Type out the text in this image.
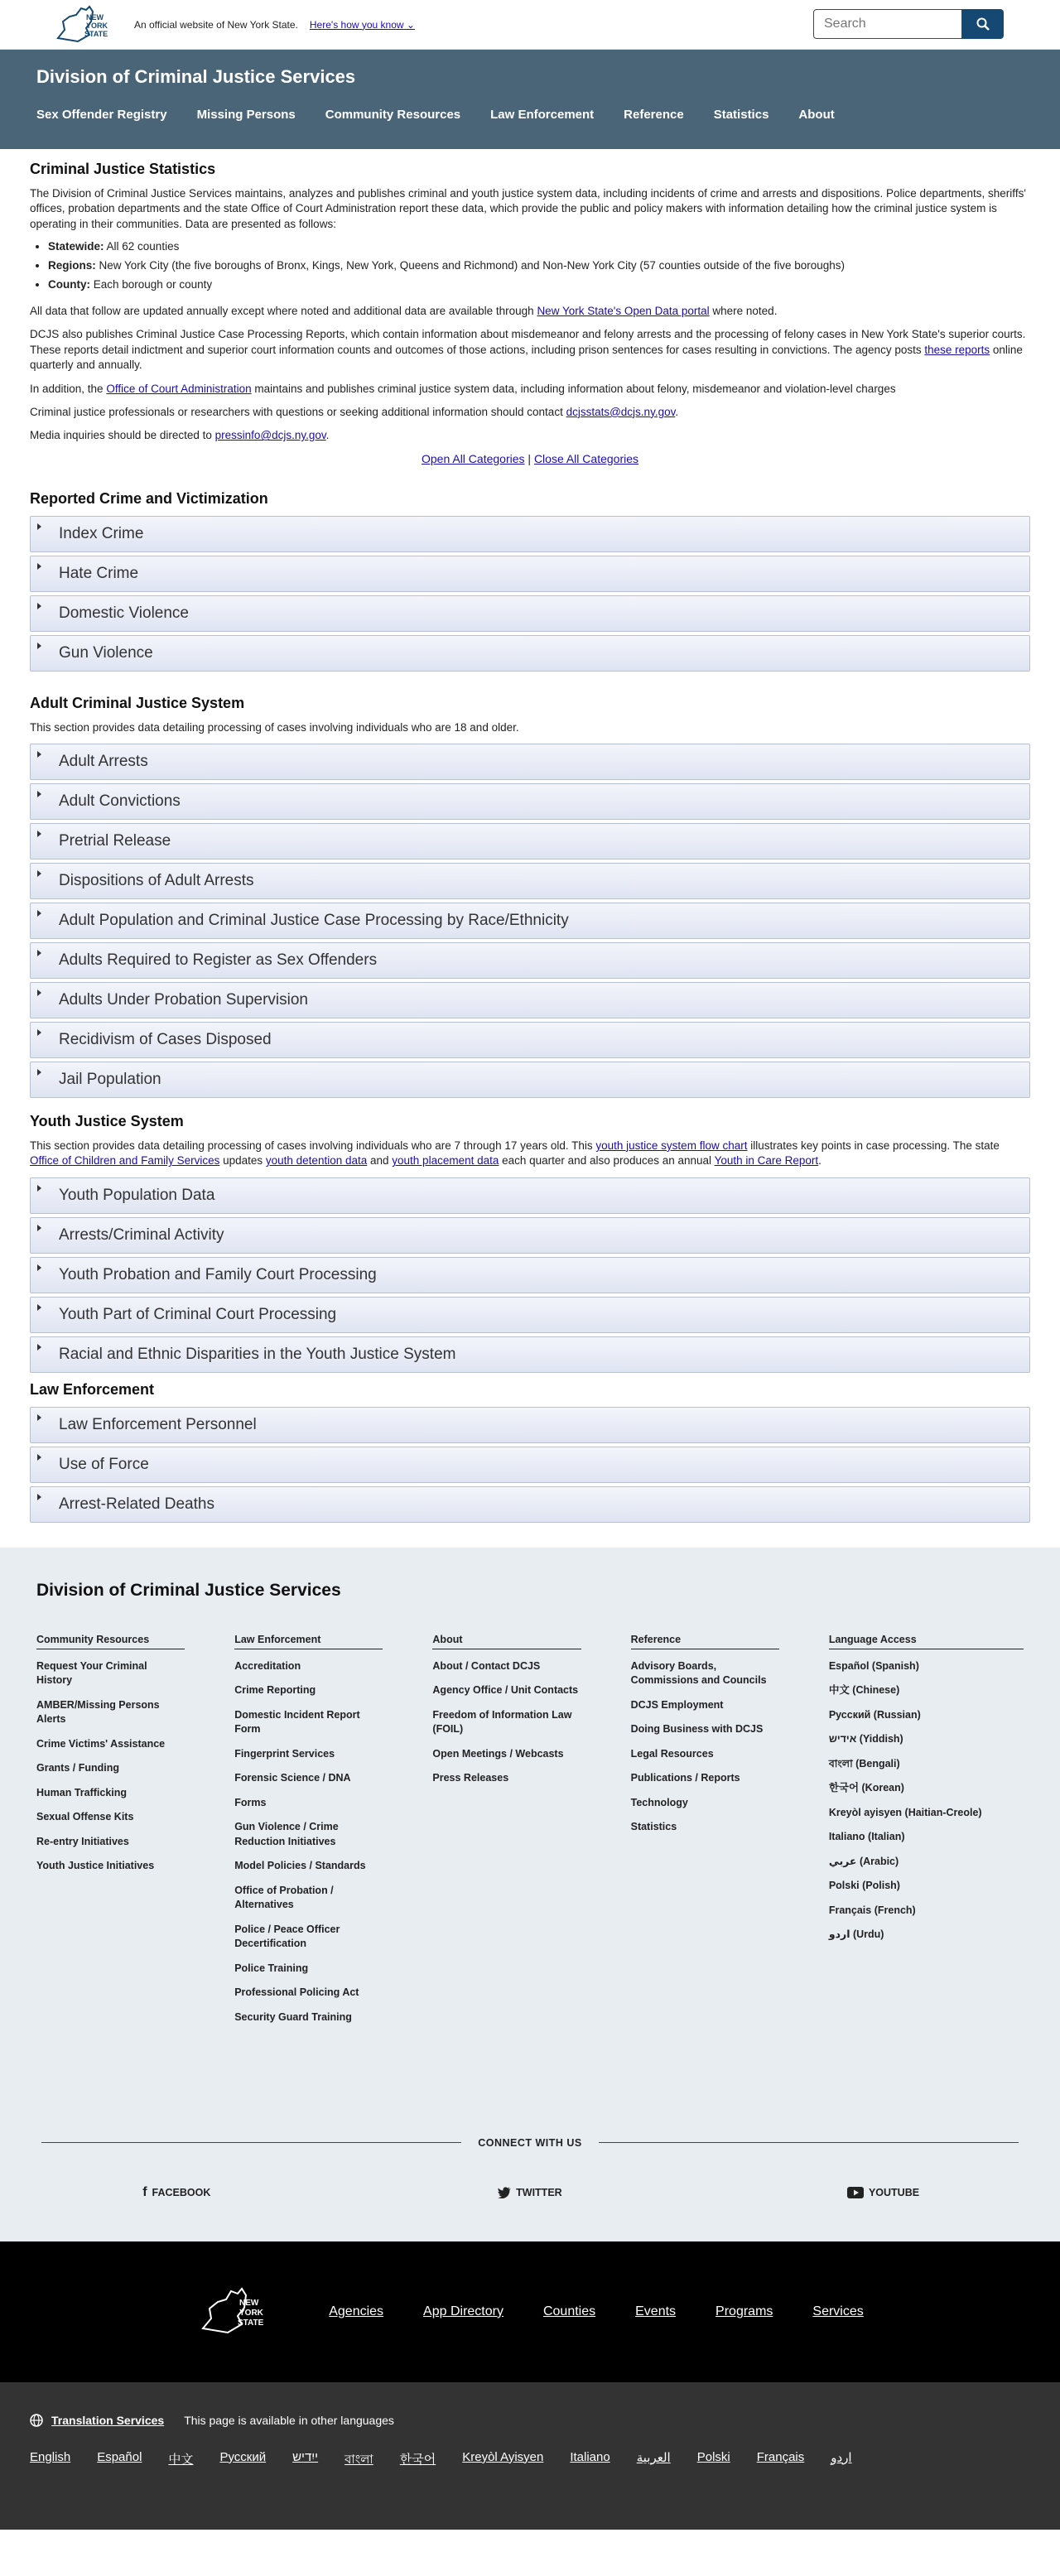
NEW
YORK
STATE
An official website of New York State. Here's how you know ⌄
Search
Division of Criminal Justice Services
Sex Offender Registry Missing Persons Community Resources Law Enforcement Reference Statistics About
Criminal Justice Statistics

The Division of Criminal Justice Services maintains, analyzes and publishes criminal and youth justice system data, including incidents of crime and arrests and dispositions. Police departments, sheriffs' offices, probation departments and the state Office of Court Administration report these data, which provide the public and policy makers with information detailing how the criminal justice system is operating in their communities. Data are presented as follows:

• Statewide: All 62 counties
• Regions: New York City (the five boroughs of Bronx, Kings, New York, Queens and Richmond) and Non-New York City (57 counties outside of the five boroughs)
• County: Each borough or county

All data that follow are updated annually except where noted and additional data are available through New York State's Open Data portal where noted.

DCJS also publishes Criminal Justice Case Processing Reports, which contain information about misdemeanor and felony arrests and the processing of felony cases in New York State's superior courts. These reports detail indictment and superior court information counts and outcomes of those actions, including prison sentences for cases resulting in convictions. The agency posts these reports online quarterly and annually.

In addition, the Office of Court Administration maintains and publishes criminal justice system data, including information about felony, misdemeanor and violation-level charges

Criminal justice professionals or researchers with questions or seeking additional information should contact dcjsstats@dcjs.ny.gov.

Media inquiries should be directed to pressinfo@dcjs.ny.gov.

Open All Categories | Close All Categories
Reported Crime and Victimization
Index Crime
Hate Crime
Domestic Violence
Gun Violence
Adult Criminal Justice System

This section provides data detailing processing of cases involving individuals who are 18 and older.

Adult Arrests
Adult Convictions
Pretrial Release
Dispositions of Adult Arrests
Adult Population and Criminal Justice Case Processing by Race/Ethnicity
Adults Required to Register as Sex Offenders
Adults Under Probation Supervision
Recidivism of Cases Disposed
Jail Population
Youth Justice System

This section provides data detailing processing of cases involving individuals who are 7 through 17 years old. This youth justice system flow chart illustrates key points in case processing. The state Office of Children and Family Services updates youth detention data and youth placement data each quarter and also produces an annual Youth in Care Report.

Youth Population Data
Arrests/Criminal Activity
Youth Probation and Family Court Processing
Youth Part of Criminal Court Processing
Racial and Ethnic Disparities in the Youth Justice System
Law Enforcement
Law Enforcement Personnel
Use of Force
Arrest-Related Deaths
Division of Criminal Justice Services
Community Resources
Request Your Criminal History
AMBER/Missing Persons Alerts
Crime Victims' Assistance
Grants / Funding
Human Trafficking
Sexual Offense Kits
Re-entry Initiatives
Youth Justice Initiatives
Law Enforcement
Accreditation
Crime Reporting
Domestic Incident Report Form
Fingerprint Services
Forensic Science / DNA
Forms
Gun Violence / Crime Reduction Initiatives
Model Policies / Standards
Office of Probation / Alternatives
Police / Peace Officer Decertification
Police Training
Professional Policing Act
Security Guard Training
About
About / Contact DCJS
Agency Office / Unit Contacts
Freedom of Information Law (FOIL)
Open Meetings / Webcasts
Press Releases
Reference
Advisory Boards, Commissions and Councils
DCJS Employment
Doing Business with DCJS
Legal Resources
Publications / Reports
Technology
Statistics
Language Access
Español (Spanish)
中文 (Chinese)
Русский (Russian)
אידיש (Yiddish)
বাংলা (Bengali)
한국어 (Korean)
Kreyòl ayisyen (Haitian-Creole)
Italiano (Italian)
عربي (Arabic)
Polski (Polish)
Français (French)
اردو (Urdu)
CONNECT WITH US
f FACEBOOK	TWITTER	YOUTUBE
NEW
YORK
STATE
Agencies	App Directory	Counties	Events	Programs	Services
Translation Services This page is available in other languages
English Español 中文 Русский ייִדיש বাংলা 한국어 Kreyòl Ayisyen Italiano العربية Polski Français اردو
